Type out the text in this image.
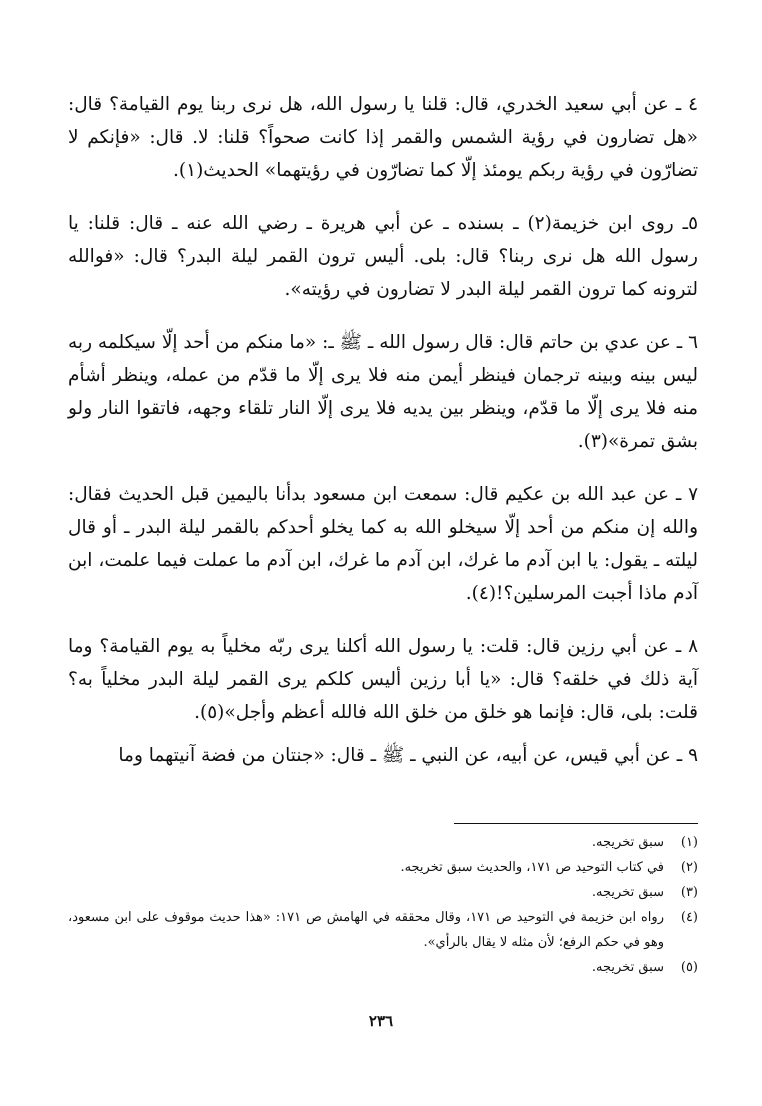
٤ ـ عن أبي سعيد الخدري، قال: قلنا يا رسول الله، هل نرى ربنا يوم القيامة؟ قال: «هل تضارون في رؤية الشمس والقمر إذا كانت صحواً؟ قلنا: لا. قال: «فإنكم لا تضارّون في رؤية ربكم يومئذ إلّا كما تضارّون في رؤيتهما» الحديث(١).

٥ـ روى ابن خزيمة(٢) ـ بسنده ـ عن أبي هريرة ـ رضي الله عنه ـ قال: قلنا: يا رسول الله هل نرى ربنا؟ قال: بلى. أليس ترون القمر ليلة البدر؟ قال: «فوالله لترونه كما ترون القمر ليلة البدر لا تضارون في رؤيته».

٦ ـ عن عدي بن حاتم قال: قال رسول الله ـ ﷺ ـ: «ما منكم من أحد إلّا سيكلمه ربه ليس بينه وبينه ترجمان فينظر أيمن منه فلا يرى إلّا ما قدّم من عمله، وينظر أشأم منه فلا يرى إلّا ما قدّم، وينظر بين يديه فلا يرى إلّا النار تلقاء وجهه، فاتقوا النار ولو بشق تمرة»(٣).

٧ ـ عن عبد الله بن عكيم قال: سمعت ابن مسعود بدأنا باليمين قبل الحديث فقال: والله إن منكم من أحد إلّا سيخلو الله به كما يخلو أحدكم بالقمر ليلة البدر ـ أو قال ليلته ـ يقول: يا ابن آدم ما غرك، ابن آدم ما غرك، ابن آدم ما عملت فيما علمت، ابن آدم ماذا أجبت المرسلين؟!(٤).

٨ ـ عن أبي رزين قال: قلت: يا رسول الله أكلنا يرى ربّه مخلياً به يوم القيامة؟ وما آية ذلك في خلقه؟ قال: «يا أبا رزين أليس كلكم يرى القمر ليلة البدر مخلياً به؟ قلت: بلى، قال: فإنما هو خلق من خلق الله فالله أعظم وأجل»(٥).

٩ ـ عن أبي قيس، عن أبيه، عن النبي ـ ﷺ ـ قال: «جنتان من فضة آنيتهما وما

(١)
سبق تخريجه.
(٢)
في كتاب التوحيد ص ١٧١، والحديث سبق تخريجه.
(٣)
سبق تخريجه.
(٤)
رواه ابن خزيمة في التوحيد ص ١٧١، وقال محققه في الهامش ص ١٧١: «هذا حديث موقوف على ابن مسعود، وهو في حكم الرفع؛ لأن مثله لا يقال بالرأي».
(٥)
سبق تخريجه.
٢٣٦
